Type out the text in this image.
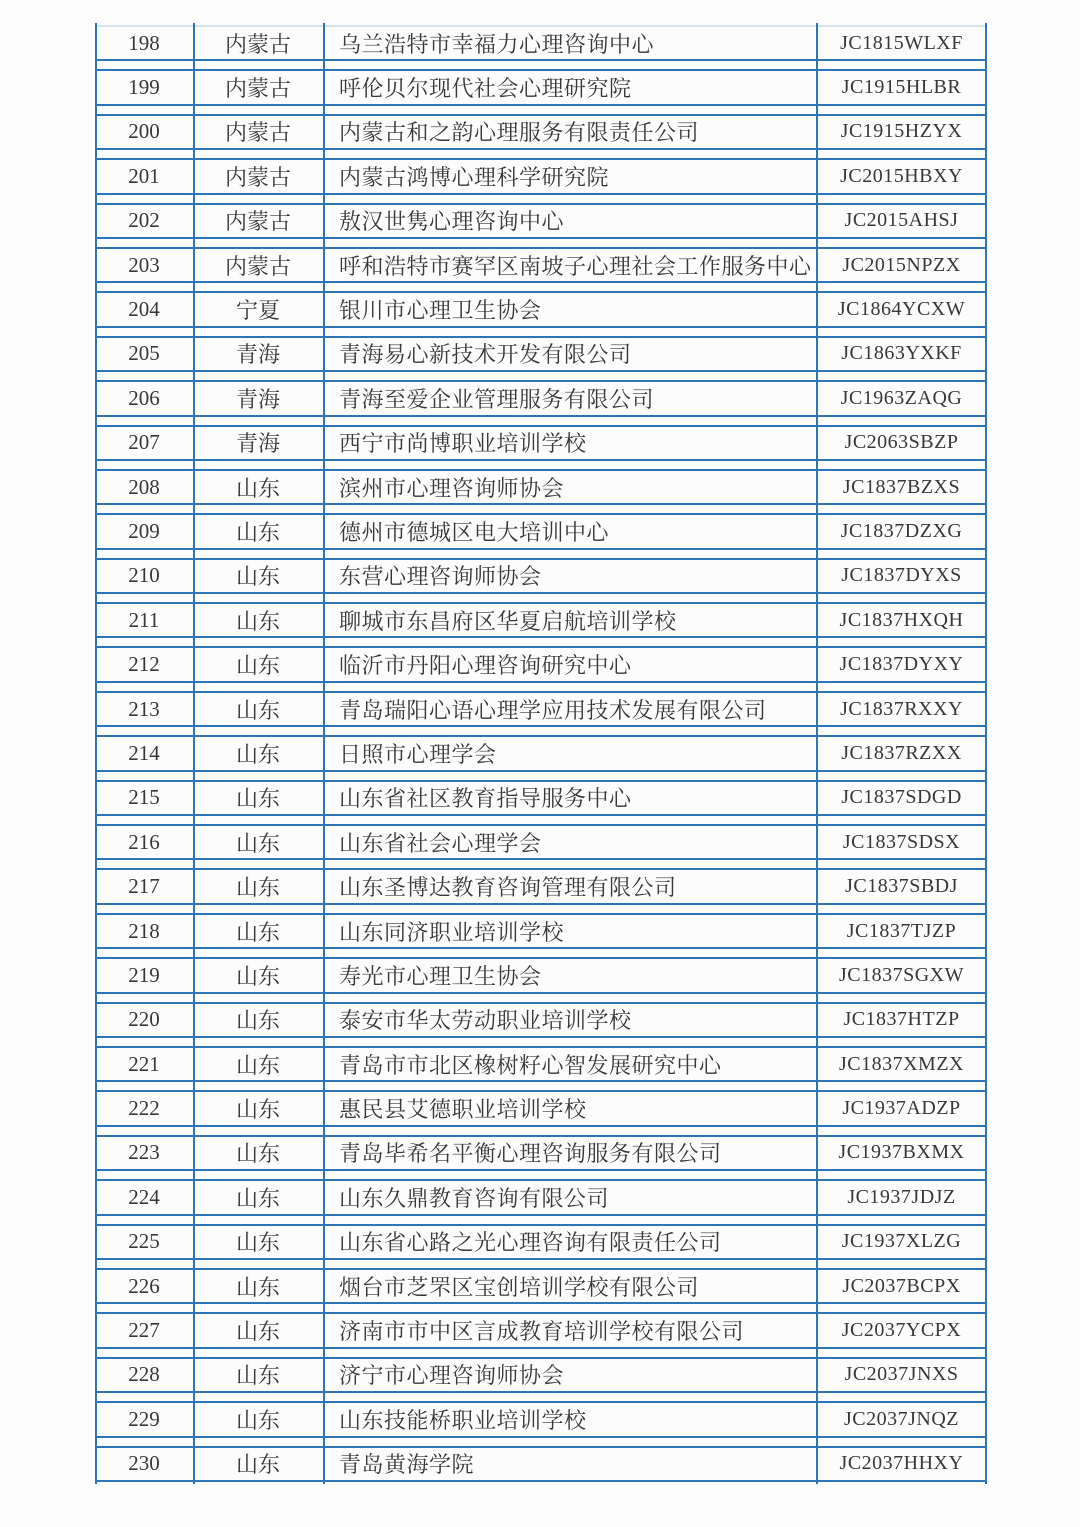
198	内蒙古	乌兰浩特市幸福力心理咨询中心	JC1815WLXF
199	内蒙古	呼伦贝尔现代社会心理研究院	JC1915HLBR
200	内蒙古	内蒙古和之韵心理服务有限责任公司	JC1915HZYX
201	内蒙古	内蒙古鸿博心理科学研究院	JC2015HBXY
202	内蒙古	敖汉世隽心理咨询中心	JC2015AHSJ
203	内蒙古	呼和浩特市赛罕区南坡子心理社会工作服务中心	JC2015NPZX
204	宁夏	银川市心理卫生协会	JC1864YCXW
205	青海	青海易心新技术开发有限公司	JC1863YXKF
206	青海	青海至爱企业管理服务有限公司	JC1963ZAQG
207	青海	西宁市尚博职业培训学校	JC2063SBZP
208	山东	滨州市心理咨询师协会	JC1837BZXS
209	山东	德州市德城区电大培训中心	JC1837DZXG
210	山东	东营心理咨询师协会	JC1837DYXS
211	山东	聊城市东昌府区华夏启航培训学校	JC1837HXQH
212	山东	临沂市丹阳心理咨询研究中心	JC1837DYXY
213	山东	青岛瑞阳心语心理学应用技术发展有限公司	JC1837RXXY
214	山东	日照市心理学会	JC1837RZXX
215	山东	山东省社区教育指导服务中心	JC1837SDGD
216	山东	山东省社会心理学会	JC1837SDSX
217	山东	山东圣博达教育咨询管理有限公司	JC1837SBDJ
218	山东	山东同济职业培训学校	JC1837TJZP
219	山东	寿光市心理卫生协会	JC1837SGXW
220	山东	泰安市华太劳动职业培训学校	JC1837HTZP
221	山东	青岛市市北区橡树籽心智发展研究中心	JC1837XMZX
222	山东	惠民县艾德职业培训学校	JC1937ADZP
223	山东	青岛毕希名平衡心理咨询服务有限公司	JC1937BXMX
224	山东	山东久鼎教育咨询有限公司	JC1937JDJZ
225	山东	山东省心路之光心理咨询有限责任公司	JC1937XLZG
226	山东	烟台市芝罘区宝创培训学校有限公司	JC2037BCPX
227	山东	济南市市中区言成教育培训学校有限公司	JC2037YCPX
228	山东	济宁市心理咨询师协会	JC2037JNXS
229	山东	山东技能桥职业培训学校	JC2037JNQZ
230	山东	青岛黄海学院	JC2037HHXY
